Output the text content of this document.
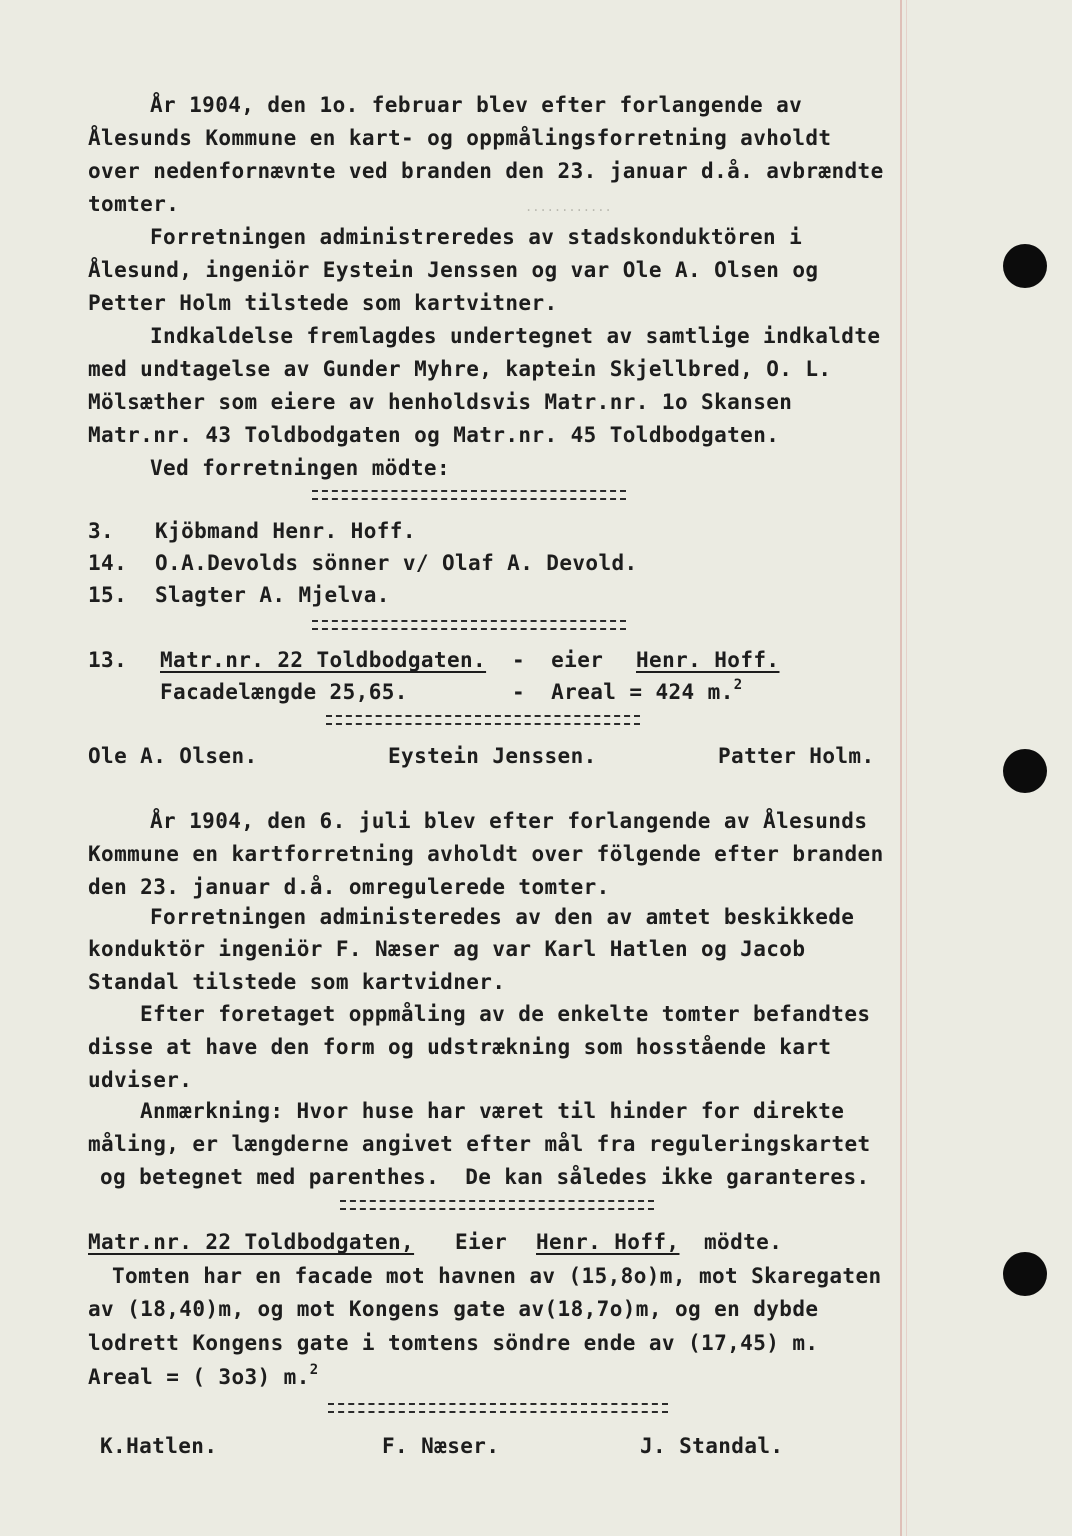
År 1904, den 1o. februar blev efter forlangende av
Ålesunds Kommune en kart- og oppmålingsforretning avholdt
over nedenfornævnte ved branden den 23. januar d.å. avbrændte
tomter.	............
Forretningen administreredes av stadskonduktören i
Ålesund, ingeniör Eystein Jenssen og var Ole A. Olsen og
Petter Holm tilstede som kartvitner.
Indkaldelse fremlagdes undertegnet av samtlige indkaldte
med undtagelse av Gunder Myhre, kaptein Skjellbred, O. L.
Mölsæther som eiere av henholdsvis Matr.nr. 1o Skansen
Matr.nr. 43 Toldbodgaten og Matr.nr. 45 Toldbodgaten.
Ved forretningen mödte:
3. Kjöbmand Henr. Hoff.
14. O.A.Devolds sönner v/ Olaf A. Devold.
15. Slagter A. Mjelva.
13. Matr.nr. 22 Toldbodgaten. -  eier Henr. Hoff.
Facadelængde 25,65.	-  Areal = 424 m.$^2$
Ole A. Olsen.	Eystein Jenssen.	Patter Holm.
År 1904, den 6. juli blev efter forlangende av Ålesunds
Kommune en kartforretning avholdt over fölgende efter branden
den 23. januar d.å. omregulerede tomter.
Forretningen administeredes av den av amtet beskikkede
konduktör ingeniör F. Næser ag var Karl Hatlen og Jacob
Standal tilstede som kartvidner.
Efter foretaget oppmåling av de enkelte tomter befandtes
disse at have den form og udstrækning som hosstående kart
udviser.
Anmærkning: Hvor huse har været til hinder for direkte
måling, er længderne angivet efter mål fra reguleringskartet
og betegnet med parenthes.  De kan således ikke garanteres.
Matr.nr. 22 Toldbodgaten, Eier Henr. Hoff, mödte.
Tomten har en facade mot havnen av (15,8o)m, mot Skaregaten
av (18,40)m, og mot Kongens gate av(18,7o)m, og en dybde
lodrett Kongens gate i tomtens söndre ende av (17,45) m.
Areal = ( 3o3) m.$^2$
K.Hatlen.	F. Næser.	J. Standal.
